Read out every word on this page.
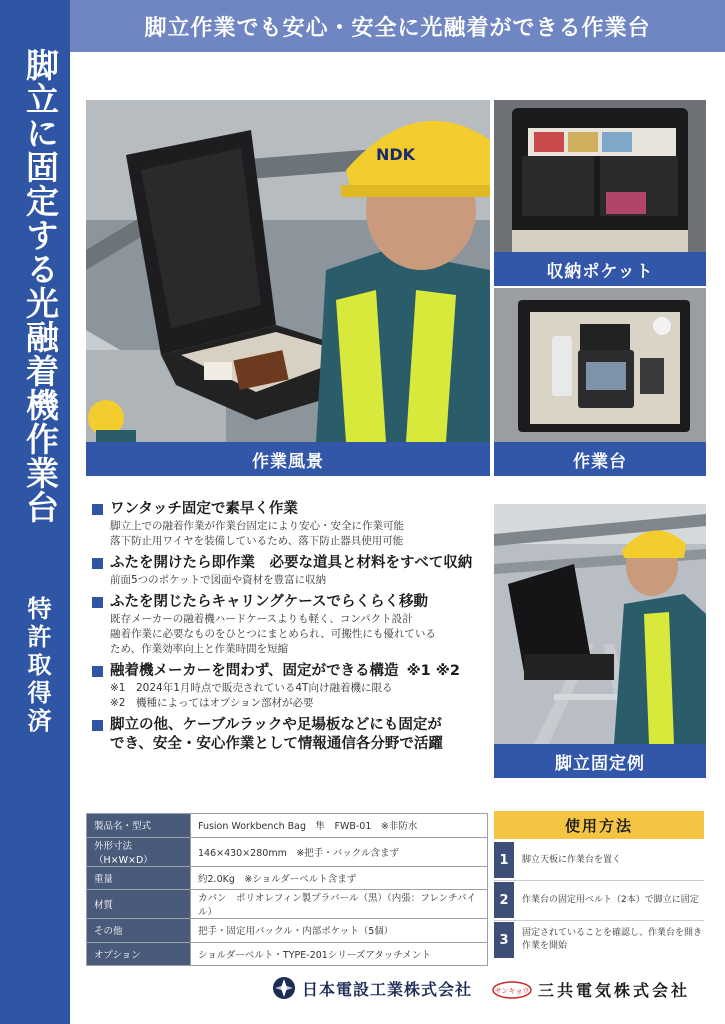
脚立に固定する光融着機作業台
特許取得済
脚立作業でも安心・安全に光融着ができる作業台
NDK
作業風景
収納ポケット
作業台
脚立固定例
ワンタッチ固定で素早く作業
脚立上での融着作業が作業台固定により安心・安全に作業可能
落下防止用ワイヤを装備しているため、落下防止器具使用可能
ふたを開けたら即作業　必要な道具と材料をすべて収納
前面5つのポケットで図面や資材を豊富に収納
ふたを閉じたらキャリングケースでらくらく移動
既存メーカーの融着機ハードケースよりも軽く、コンパクト設計
融着作業に必要なものをひとつにまとめられ、可搬性にも優れている
ため、作業効率向上と作業時間を短縮
融着機メーカーを問わず、固定ができる構造 ※1 ※2
※1　2024年1月時点で販売されている4T向け融着機に限る
※2　機種によってはオプション部材が必要
脚立の他、ケーブルラックや足場板などにも固定が
でき、安全・安心作業として情報通信各分野で活躍
製品名・型式	Fusion Workbench Bag　隼　FWB-01　※非防水
外形寸法（H×W×D）	146×430×280mm　※把手・バックル含まず
重量	約2.0Kg　※ショルダーベルト含まず
材質	カバン　ポリオレフィン製プラバール（黒）（内張：フレンチパイル）
その他	把手・固定用バックル・内部ポケット（5個）
オプション	ショルダーベルト・TYPE-201シリーズアタッチメント
使用方法
1	脚立天板に作業台を置く
2	作業台の固定用ベルト（2本）で脚立に固定
3	固定されていることを確認し、作業台を開き作業を開始
日本電設工業株式会社	サンキョウ 三共電気株式会社
